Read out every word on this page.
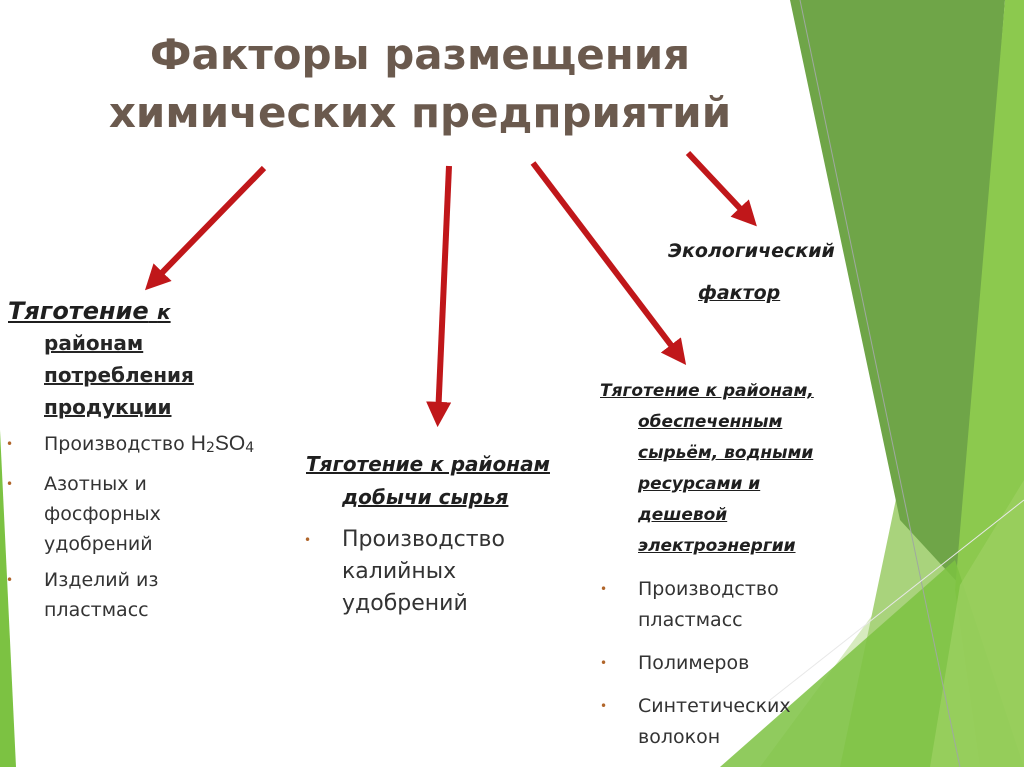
Факторы размещения
химических предприятий
Тяготение к
районам
потребления
продукции
• Производство $H_2SO_4$
• Азотных и
фосфорных
удобрений
• Изделий из
пластмасс
Тяготение к районам
добычи сырья
• Производство
калийных
удобрений
Экологический
фактор
Тяготение к районам,
обеспеченным
сырьём, водными
ресурсами и
дешевой
электроэнергии
• Производство
пластмасс
• Полимеров
• Синтетических
волокон
